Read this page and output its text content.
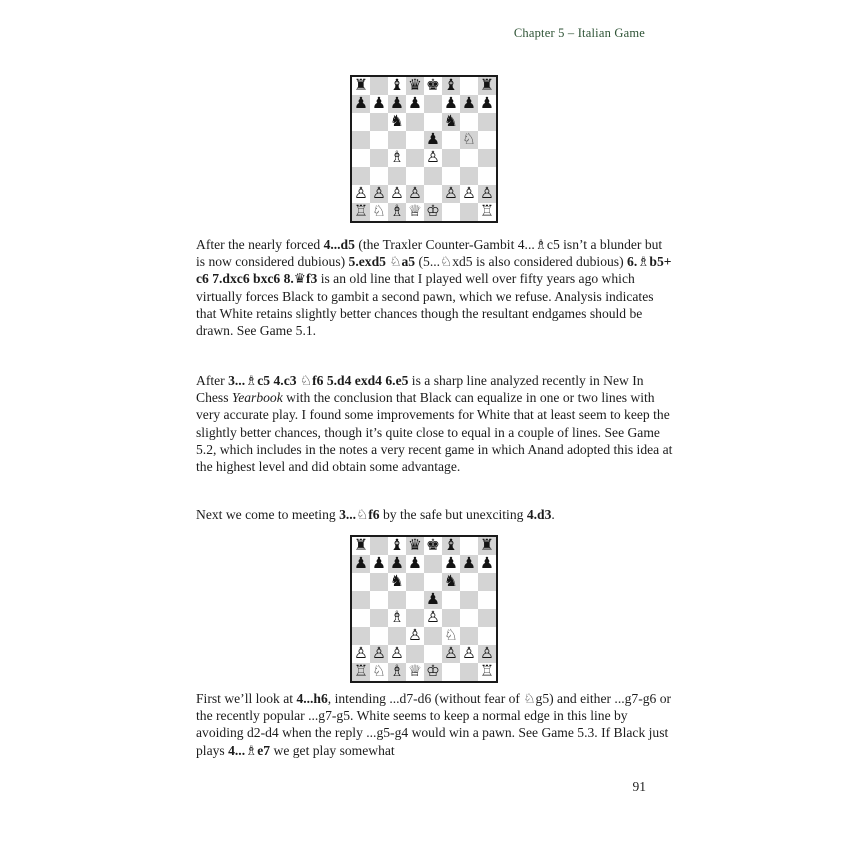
Chapter 5 – Italian Game
♜ ♝ ♛ ♚ ♝ ♜
♟ ♟ ♟ ♟ ♟ ♟ ♟
♞	♞
♟ ♘
♗ ♙
♙ ♙ ♙ ♙ ♙ ♙ ♙
♖ ♘ ♗ ♕ ♔	♖
After the nearly forced 4...d5 (the Traxler Counter-Gambit 4...♗c5 isn’t a blunder but is now considered dubious) 5.exd5 ♘a5 (5...♘xd5 is also considered dubious) 6.♗b5+ c6 7.dxc6 bxc6 8.♛f3 is an old line that I played well over fifty years ago which virtually forces Black to gambit a second pawn, which we refuse. Analysis indicates that White retains slightly better chances though the resultant endgames should be drawn. See Game 5.1.
After 3...♗c5 4.c3 ♘f6 5.d4 exd4 6.e5 is a sharp line analyzed recently in New In Chess Yearbook with the conclusion that Black can equalize in one or two lines with very accurate play. I found some improvements for White that at least seem to keep the slightly better chances, though it’s quite close to equal in a couple of lines. See Game 5.2, which includes in the notes a very recent game in which Anand adopted this idea at the highest level and did obtain some advantage.
Next we come to meeting 3...♘f6 by the safe but unexciting 4.d3.
♜ ♝ ♛ ♚ ♝ ♜
♟ ♟ ♟ ♟ ♟ ♟ ♟
♞	♞
♟
♗ ♙
♙ ♘
♙ ♙ ♙	♙ ♙ ♙
♖ ♘ ♗ ♕ ♔	♖
First we’ll look at 4...h6, intending ...d7-d6 (without fear of ♘g5) and either ...g7-g6 or the recently popular ...g7-g5. White seems to keep a normal edge in this line by avoiding d2-d4 when the reply ...g5-g4 would win a pawn. See Game 5.3. If Black just plays 4...♗e7 we get play somewhat
91
